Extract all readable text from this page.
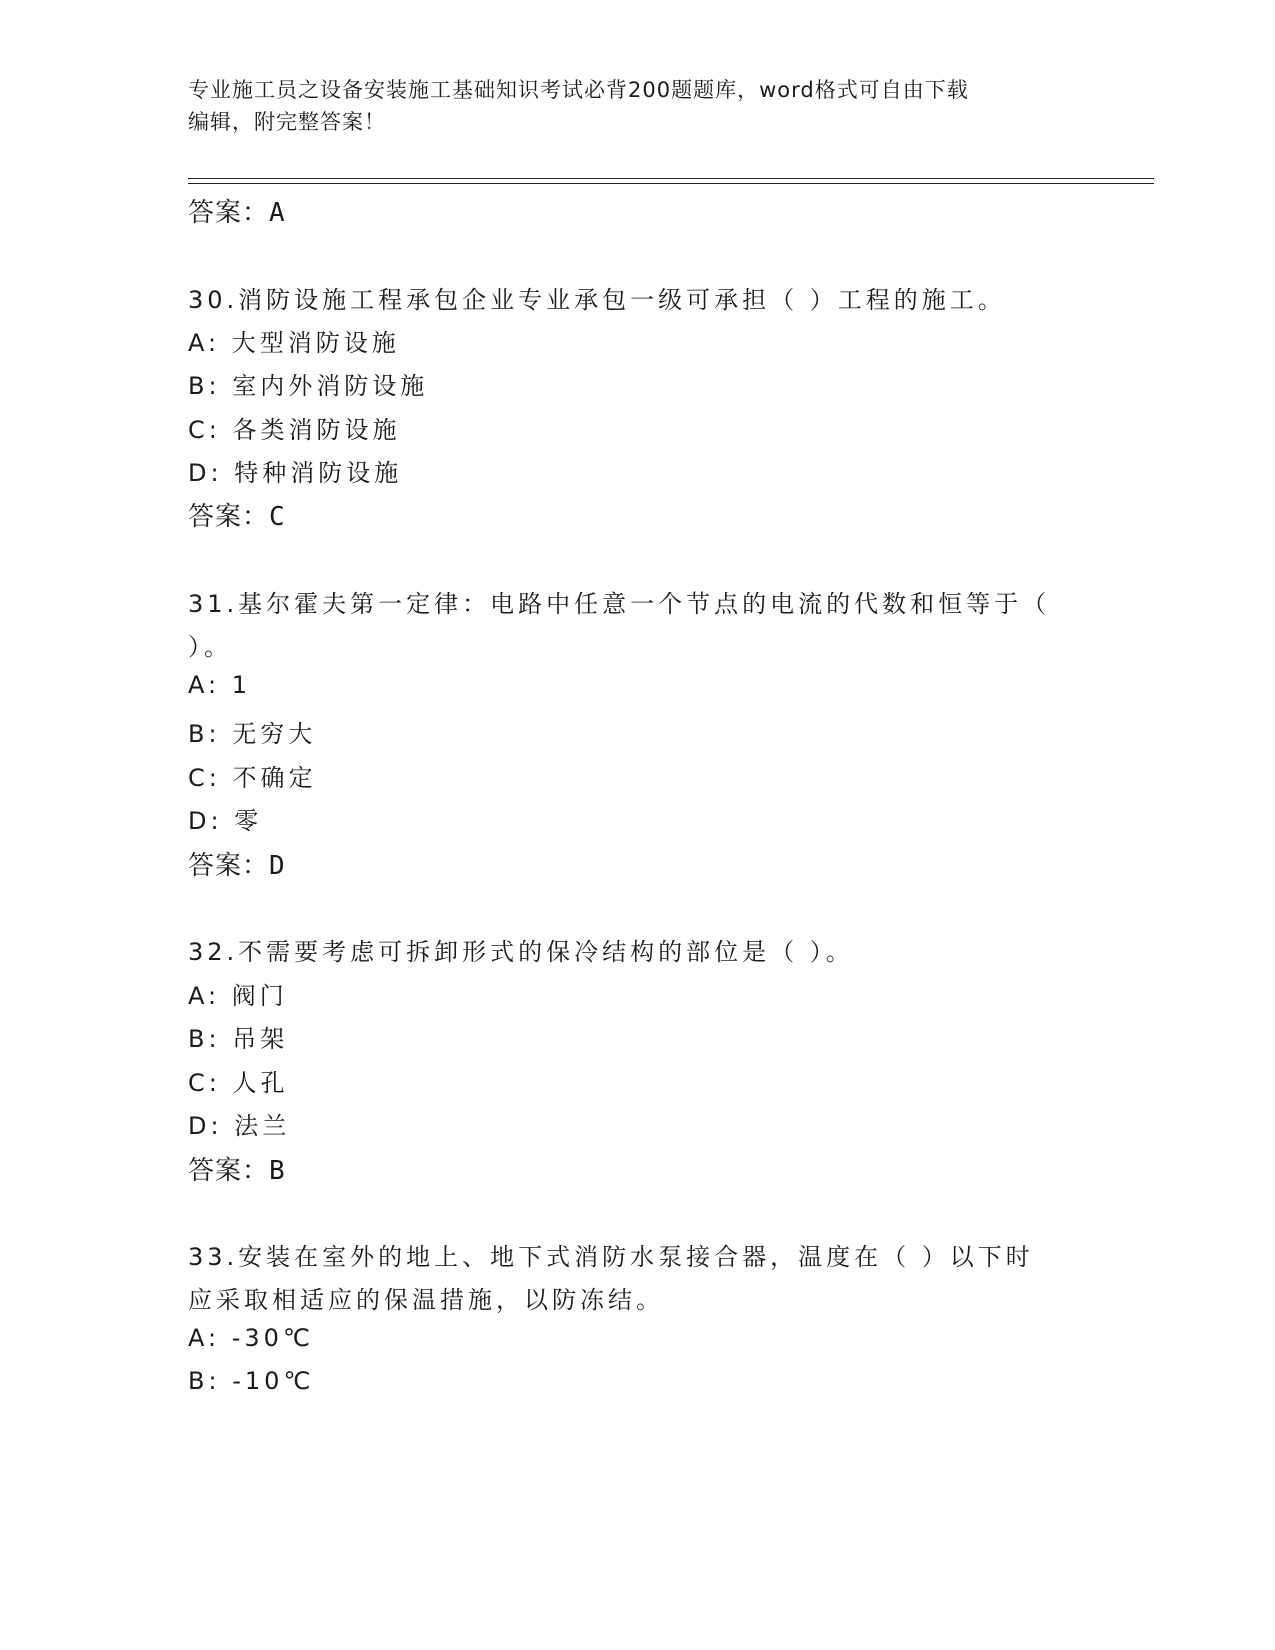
专业施工员之设备安装施工基础知识考试必背200题题库，word格式可自由下载
编辑，附完整答案！
答案：A
30.消防设施工程承包企业专业承包一级可承担（ ）工程的施工。
A: 大型消防设施
B: 室内外消防设施
C: 各类消防设施
D: 特种消防设施
答案：C
31.基尔霍夫第一定律：电路中任意一个节点的电流的代数和恒等于（
）。
A: 1
B: 无穷大
C: 不确定
D: 零
答案：D
32.不需要考虑可拆卸形式的保冷结构的部位是（ ）。
A: 阀门
B: 吊架
C: 人孔
D: 法兰
答案：B
33.安装在室外的地上、地下式消防水泵接合器，温度在（ ）以下时
应采取相适应的保温措施，以防冻结。
A: -30℃
B: -10℃
